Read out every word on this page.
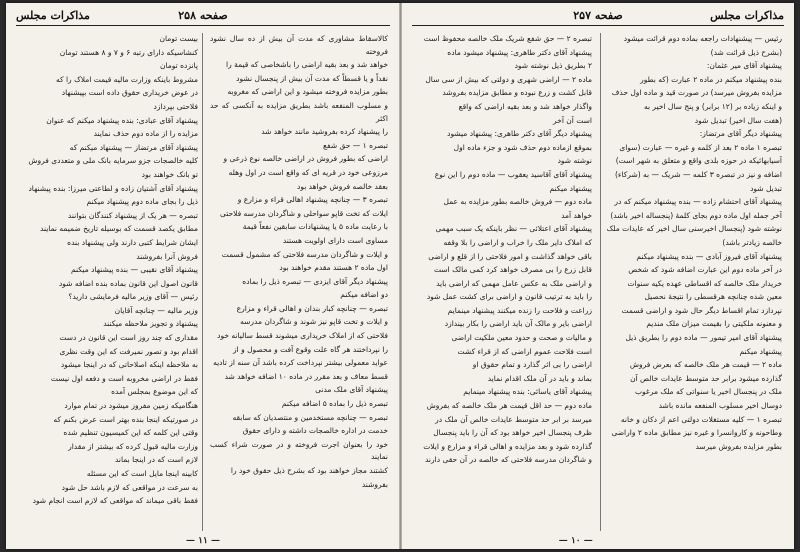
مذاکرات مجلس	صفحه ۲۵۸

کالاسقاط مشاوری که مدت آن بیش از ده سال نشود فروخته

خواهد شد و بعد بقیه اراضی را باشخاصی که قیمة را

نقداً و یا قسطاً که مدت آن بیش از پنجسال نشود

بطور مزایده فروخته میشود و این اراضی که مغروبه

و مسلوب المنفعه باشد بطریق مزایده به آنکسی که حد اکثر

را پیشنهاد کرده بفروشید مانند خواهد شد

تبصره ۱ — حق شفع

اراضی که بطور فروش در اراضی خالصه نوع ذرعی و

مرزوعی خود در قریه ای که واقع است در اول وهله

بعقد خالصه فروش خواهد بود

تبصره ۳ — چنانچه پیشنهاد اهالی قراء و مزارع و

ایلات که تخت قاپو سواحلی و شاگردان مدرسه فلاحتی

با رعایت ماده ۵ یا پیشنهادات سابقین نفعاً قیمة

مساوی است دارای اولویت هستند

و ایلات و شاگردان مدرسه فلاحتی که مشمول قسمت

اول ماده ۲ هستند مقدم خواهند بود

پیشنهاد دیگر آقای ایزدی — تبصره ذیل را بماده

دو اضافه میکنم

تبصره — چنانچه کبار بندان و اهالی قراء و مزارع

و ایلات و تخت قاپو نیز شوند و شاگردان مدرسه

فلاحتی که از املاک خریداری میشوند قسط سالیانه خود

را نپرداختند هر گاه علت وقوع آفت و محصول و از

عواید معمولی بیشتر نپرداخت کرده باشد آن سنه از تادیه

قسط معاف و بعد مقرر در ماده ۱۰ اضافه خواهد شد

پیشنهاد آقای ملک مدنی

تبصره ذیل را بماده ۵ اضافه میکنم

تبصره — چنانچه مستخدمین و منتصدیان که سابقه

خدمت در اداره خالصجات داشته و دارای حقوق

خود را بعنوان اجرت فروخته و در صورت شراء کسب نمایند

کشتند مجاز خواهند بود که بشرح ذیل حقوق خود را

بفروشند

بیست تومان

کنشاسیکه دارای رتبه ۶ و ۷ و ۸ هستند تومان

پانزده تومان

مشروط باینکه وزارت مالیه قیمت املاک را که

در عوض خریداری حقوق داده است بپیشنهاد

فلاحتی بپردازد

پیشنهاد آقای عبادی: بنده پیشنهاد میکنم که عنوان

مزایده را از ماده دوم حذف نمایند

پیشنهاد آقای مرتضاز — پیشنهاد میکنم که

کلیه خالصجات جزو سرمایه بانک ملی و متعددی فروش

تو بانک خواهند بود

پیشنهاد آقای آشتیان زاده و لطاعتی میرزا: بنده پیشنهاد

ذیل را بجای ماده دوم پیشنهاد میکنم

تبصره — هر یک از پیشنهاد کنندگان بتوانند

مطابق یکصد قسمت که بوسیله تاریخ ضمیمه نمایند

ایشان شرایط کتبی دارند ولی پیشنهاد بنده

فروش آنرا بفروشند

پیشنهاد آقای نقیبی — بنده پیشنهاد میکنم

قانون اصول این قانون بماده بنده اضافه شود

رئیس — آقای وزیر مالیه فرمایشی دارید؟

وزیر مالیه — چنانچه آقایان

پیشنهاد و تجویز ملاحظه میکنند

مقداری که چند روز است این قانون در دست

اقدام بود و تصور نمیرفت که این وقت نظری

به ملاحظه اینکه اصلاحاتی که در اینجا میشود

فقط در اراضی مخروبه است و دفعه اول نیست

که این موضوع بمجلس آمده

هنگامیکه زمین مفروز میشود در تمام موارد

در صورتیکه اینجا بنده بهتر است عرض بکنم که

وقتی این کلمه که این کمیسیون تنظیم شده

وزارت مالیه قبول کرده که بیشتر از مقدار

لازم است که در اینجا بماند

کابینه اینجا مایل است که این مسئله

به سرعت در مواقعی که لازم باشد حل شود

فقط باقی میماند که مواقعی که لازم است انجام شود

— ۱۱ —
مذاکرات مجلس
صفحه ۲۵۷

رئیس — پیشنهادات راجعه بماده دوم قرائت میشود

(بشرح ذیل قرائت شد)

پیشنهاد آقای میر عثمان:

بنده پیشنهاد میکنم در ماده ۲ عبارت (که بطور

مزایده بفروش میرسد) در صورت قید و ماده اول حذف

و اینکه زیاده بر (۱۲ برابر) و پنج سال اخیر به

(هفت سال اخیر) تبدیل شود

پیشنهاد دیگر آقای مرتضاز:

تبصره ۱ ماده ۲ بعد از کلمه و غیره — عبارت (سوای

آسیابهائیکه در حوزه بلدی واقع و متعلق به شهر است)

اضافه و نیز در تبصره ۳ کلمه — شریک — به (شرکاء)

تبدیل شود

پیشنهاد آقای احتشام زاده — بنده پیشنهاد میکنم که در

آخر جمله اول ماده دوم بجای کلمهٔ (پنجساله اخیر باشد)

نوشته شود (پنجسال اخیرسنی سال اخیر که عایدات ملک

خالصه زیادتر باشد)

پیشنهاد آقای فیروز آبادی — بنده پیشنهاد میکنم

در آخر ماده دوم این عبارت اضافه شود که شخص

خریدار ملک خالصه که اقساطی عهده یکیه سنوات

معین شده چنانچه هرقسطی را نتیجهٔ نحصیل

نپردازد تمام اقساط دیگر حال شود و اراضی قسمت

و معنونه ملکیتی را بقیمت میزان ملک مندیم

پیشنهاد آقای امیر تیمور — ماده دوم را بطریق ذیل

پیشنهاد میکنم

ماده ۲ — قیمت هر ملک خالصه که بعرض فروش

گذارده میشود برابر حد متوسط عایدات خالص آن

ملک در پنجسال اخیر یا سنواتی که ملک مرغوب

دوسال اخیر مسلوب المنفعه مانده باشد

تبصره ۱ — کلیه مستغلات دولتی اعم از دکان و خانه

وطاحونه و کاروانسرا و غیره نیز مطابق ماده ۲ واراضی

بطور مزایده بفروش میرسد

تبصره ۲ — حق شفع شریک ملک خالصه محفوظ است

پیشنهاد آقای دکتر طاهری: پیشنهاد میشود ماده

۲ بطریق ذیل نوشته شود

ماده ۲ — اراضی شهری و دولتی که بیش از سی سال

قابل کشت و زرع نبوده و مطابق مزایده بفروشد

واگذار خواهد شد و بعد بقیه اراضی که واقع

است آن آخر

پیشنهاد دیگر آقای دکتر طاهری: پیشنهاد میشود

بموقع ازماده دوم حذف شود و جزء ماده اول

نوشته شود

پیشنهاد آقای آقاسید یعقوب — ماده دوم را این نوع

پیشنهاد میکنم

ماده دوم — فروش خالصه بطور مزایده به عمل

خواهد آمد

پیشنهاد آقای اعتلائی — نظر باینکه یک سبب مهمی

که املاک دایر ملک را خراب و اراضی را بلا وقفه

باقی خواهد گذاشت و امور فلاحتی را از قلع و اراضی

قابل زرع را بی مصرف خواهد کرد کمی مالک است

و اراضی ملک به عکس عامل مهمی که اراضی باید

را باید به ترتیب قانون و اراضی برای کشت عمل شود

زراعت و فلاحت را زنده میکنند پیشنهاد مینمایم

اراضی بایر و مالک آن باید اراضی را بکار بیندازد

و مالیات و صحت و حدود معین ملکیت اراضی

است فلاحت عموم اراضی که از قراء کشت

اراضی را بی اثر گذارد و تمام حقوق او

بماند و باید در آن ملک اقدام نماید

پیشنهاد آقای یاسائی: بنده پیشنهاد مینمایم

ماده دوم — حد اقل قیمت هر ملک خالصه که بفروش

میرسد بر ابر حد متوسط عایدات خالص آن ملک در

ظرف پنجسال اخیر خواهد بود که آن را باید پنجسال

گذارده شود و بعد مزایده و اهالی قراء و مزارع و ایلات

و شاگردان مدرسه فلاحتی که خالصه در آن حقی دارند

— ۱۰ —
